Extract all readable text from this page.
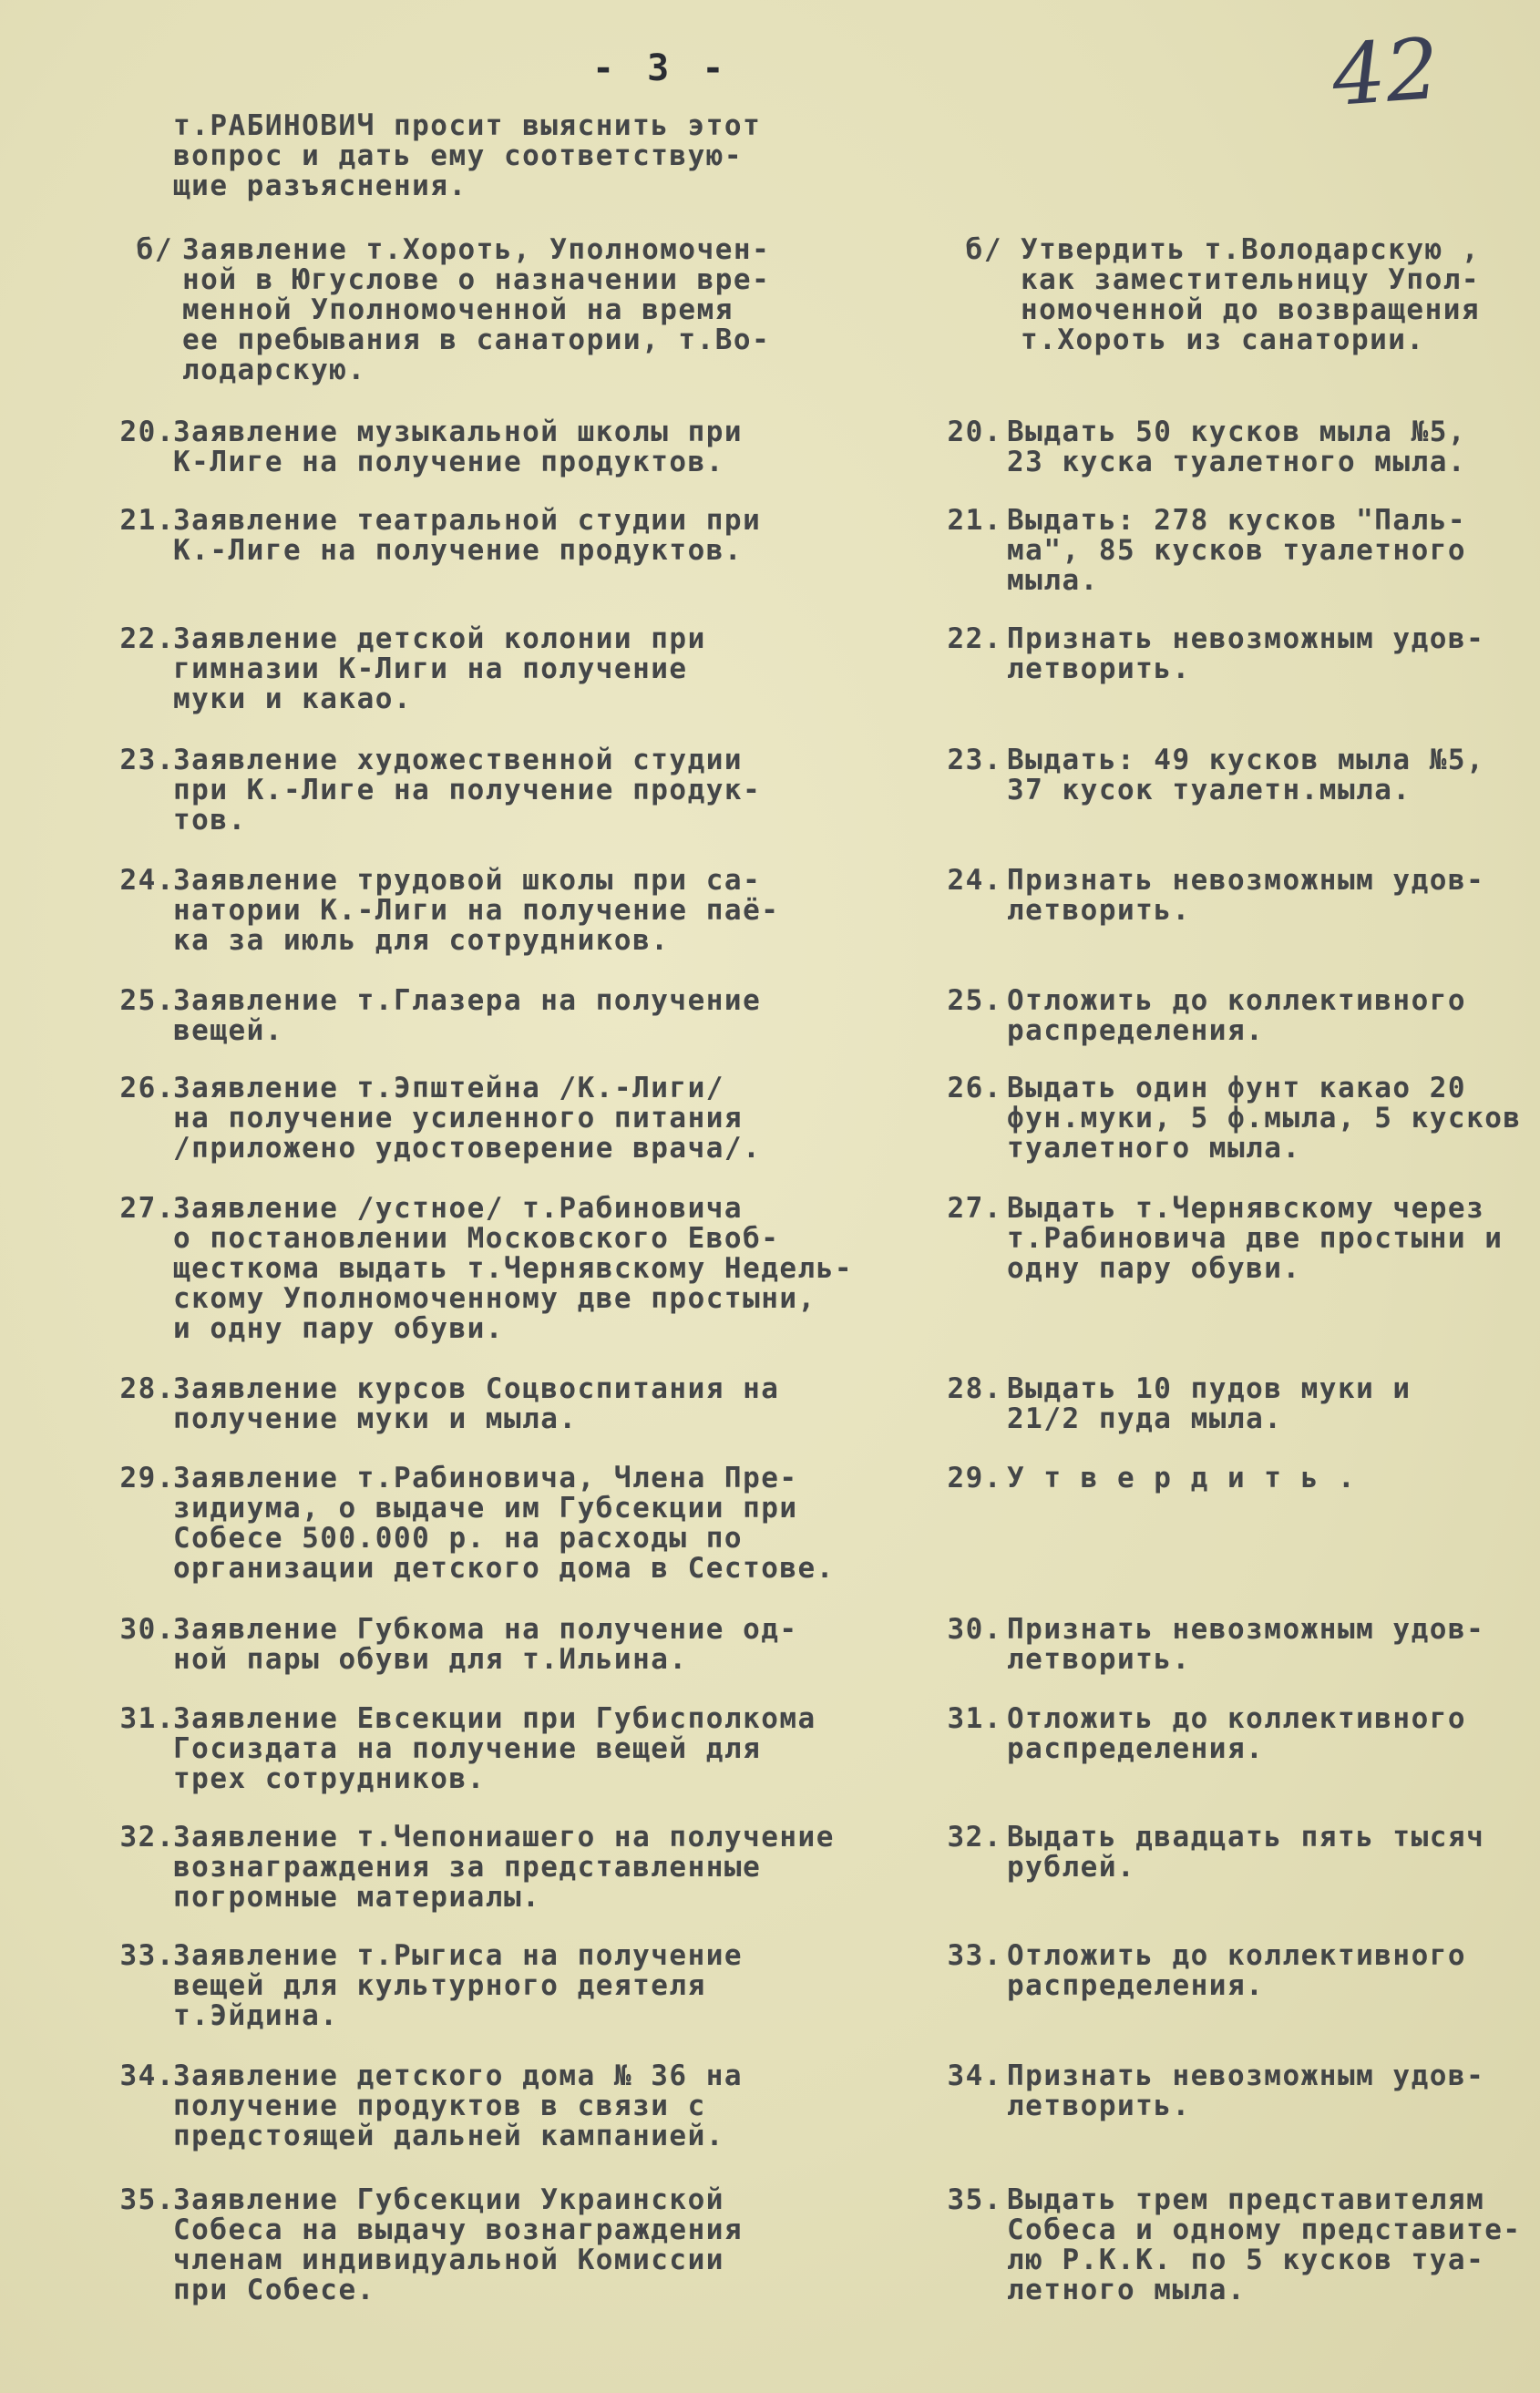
- 3 -	42
т.РАБИНОВИЧ просит выяснить этот
вопрос и дать ему соответствую-
щие разъяснения.
б/ Заявление т.Хороть, Уполномочен-
ной в Югуслове о назначении вре-
менной Уполномоченной на время
ее пребывания в санатории, т.Во-
лодарскую.
б/ Утвердить т.Володарскую ,
как заместительницу Упол-
номоченной до возвращения
т.Хороть из санатории.
20.
Заявление музыкальной школы при
К-Лиге на получение продуктов.
20. Выдать 50 кусков мыла №5,
23 куска туалетного мыла.
21.
Заявление театральной студии при
К.-Лиге на получение продуктов.
21. Выдать: 278 кусков "Паль-
ма", 85 кусков туалетного
мыла.
22.
Заявление детской колонии при
гимназии К-Лиги на получение
муки и какао.
22. Признать невозможным удов-
летворить.
23.
Заявление художественной студии
при К.-Лиге на получение продук-
тов.
23. Выдать: 49 кусков мыла №5,
37 кусок туалетн.мыла.
24.
Заявление трудовой школы при са-
натории К.-Лиги на получение паё-
ка за июль для сотрудников.
24. Признать невозможным удов-
летворить.
25.
Заявление т.Глазера на получение
вещей.
25. Отложить до коллективного
распределения.
26.
Заявление т.Эпштейна /К.-Лиги/
на получение усиленного питания
/приложено удостоверение врача/.
26. Выдать один фунт какао 20
фун.муки, 5 ф.мыла, 5 кусков
туалетного мыла.
27.
Заявление /устное/ т.Рабиновича
о постановлении Московского Евоб-
щесткома выдать т.Чернявскому Недель-
скому Уполномоченному две простыни,
и одну пару обуви.
27. Выдать т.Чернявскому через
т.Рабиновича две простыни и
одну пару обуви.
28.
Заявление курсов Соцвоспитания на
получение муки и мыла.
28. Выдать 10 пудов муки и
21/2 пуда мыла.
29.
Заявление т.Рабиновича, Члена Пре-
зидиума, о выдаче им Губсекции при
Собесе 500.000 р. на расходы по
организации детского дома в Сестове.
29. У т в е р д и т ь .
30.
Заявление Губкома на получение од-
ной пары обуви для т.Ильина.
30. Признать невозможным удов-
летворить.
31.
Заявление Евсекции при Губисполкома
Госиздата на получение вещей для
трех сотрудников.
31. Отложить до коллективного
распределения.
32.
Заявление т.Чепониашего на получение
вознаграждения за представленные
погромные материалы.
32. Выдать двадцать пять тысяч
рублей.
33.
Заявление т.Рыгиса на получение
вещей для культурного деятеля
т.Эйдина.
33. Отложить до коллективного
распределения.
34.
Заявление детского дома № 36 на
получение продуктов в связи с
предстоящей дальней кампанией.
34. Признать невозможным удов-
летворить.
35.
Заявление Губсекции Украинской
Собеса на выдачу вознаграждения
членам индивидуальной Комиссии
при Собесе.
35. Выдать трем представителям
Собеса и одному представите-
лю Р.К.К. по 5 кусков туа-
летного мыла.
